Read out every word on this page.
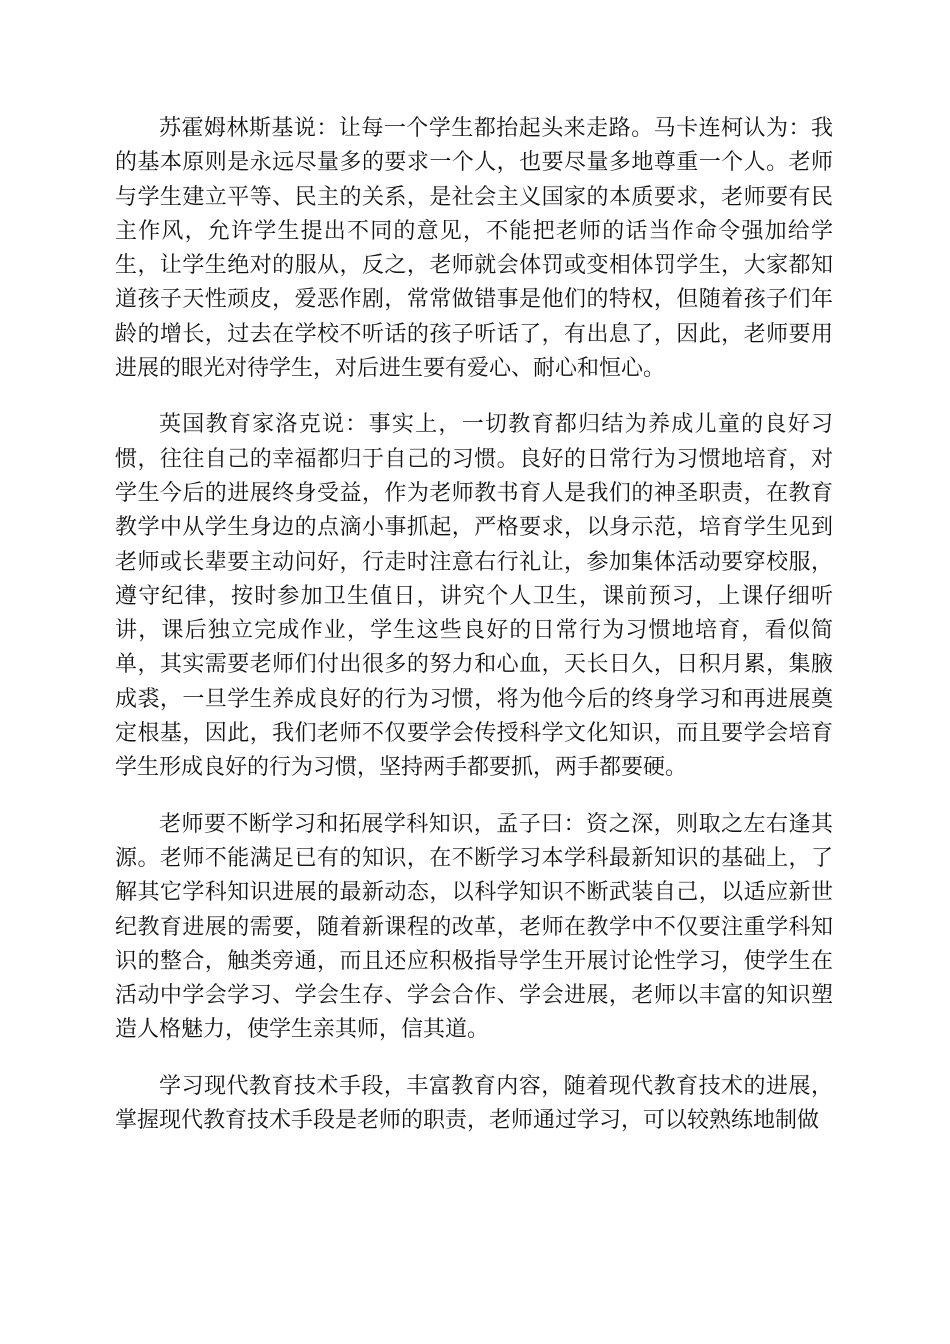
苏霍姆林斯基说：让每一个学生都抬起头来走路。马卡连柯认为：我的基本原则是永远尽量多的要求一个人，也要尽量多地尊重一个人。老师与学生建立平等、民主的关系，是社会主义国家的本质要求，老师要有民主作风，允许学生提出不同的意见，不能把老师的话当作命令强加给学生，让学生绝对的服从，反之，老师就会体罚或变相体罚学生，大家都知道孩子天性顽皮，爱恶作剧，常常做错事是他们的特权，但随着孩子们年龄的增长，过去在学校不听话的孩子听话了，有出息了，因此，老师要用进展的眼光对待学生，对后进生要有爱心、耐心和恒心。

英国教育家洛克说：事实上，一切教育都归结为养成儿童的良好习惯，往往自己的幸福都归于自己的习惯。良好的日常行为习惯地培育，对学生今后的进展终身受益，作为老师教书育人是我们的神圣职责，在教育教学中从学生身边的点滴小事抓起，严格要求，以身示范，培育学生见到老师或长辈要主动问好，行走时注意右行礼让，参加集体活动要穿校服，遵守纪律，按时参加卫生值日，讲究个人卫生，课前预习，上课仔细听讲，课后独立完成作业，学生这些良好的日常行为习惯地培育，看似简单，其实需要老师们付出很多的努力和心血，天长日久，日积月累，集腋成裘，一旦学生养成良好的行为习惯，将为他今后的终身学习和再进展奠定根基，因此，我们老师不仅要学会传授科学文化知识，而且要学会培育学生形成良好的行为习惯，坚持两手都要抓，两手都要硬。

老师要不断学习和拓展学科知识，孟子曰：资之深，则取之左右逢其源。老师不能满足已有的知识，在不断学习本学科最新知识的基础上，了解其它学科知识进展的最新动态，以科学知识不断武装自己，以适应新世纪教育进展的需要，随着新课程的改革，老师在教学中不仅要注重学科知识的整合，触类旁通，而且还应积极指导学生开展讨论性学习，使学生在活动中学会学习、学会生存、学会合作、学会进展，老师以丰富的知识塑造人格魅力，使学生亲其师，信其道。

学习现代教育技术手段，丰富教育内容，随着现代教育技术的进展，掌握现代教育技术手段是老师的职责，老师通过学习，可以较熟练地制做
